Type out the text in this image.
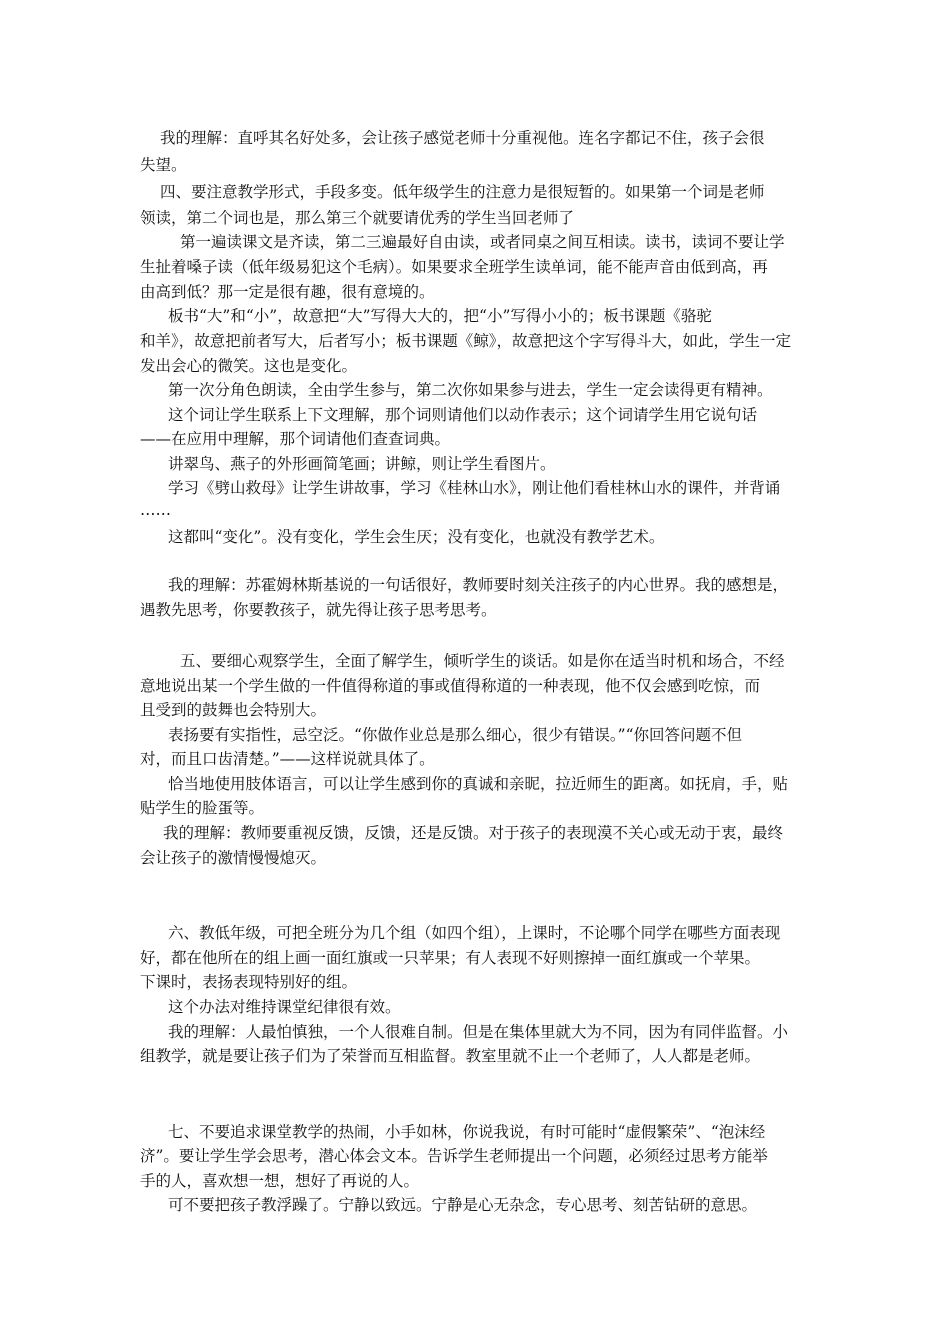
我的理解：直呼其名好处多，会让孩子感觉老师十分重视他。连名字都记不住，孩子会很
失望。
四、要注意教学形式，手段多变。低年级学生的注意力是很短暂的。如果第一个词是老师
领读，第二个词也是，那么第三个就要请优秀的学生当回老师了
第一遍读课文是齐读，第二三遍最好自由读，或者同桌之间互相读。读书，读词不要让学
生扯着嗓子读（低年级易犯这个毛病）。如果要求全班学生读单词，能不能声音由低到高，再
由高到低？那一定是很有趣，很有意境的。
板书“大”和“小”，故意把“大”写得大大的，把“小”写得小小的；板书课题《骆驼
和羊》，故意把前者写大，后者写小；板书课题《鲸》，故意把这个字写得斗大，如此，学生一定
发出会心的微笑。这也是变化。
第一次分角色朗读，全由学生参与，第二次你如果参与进去，学生一定会读得更有精神。
这个词让学生联系上下文理解，那个词则请他们以动作表示；这个词请学生用它说句话
——在应用中理解，那个词请他们查查词典。
讲翠鸟、燕子的外形画简笔画；讲鲸，则让学生看图片。
学习《劈山救母》让学生讲故事，学习《桂林山水》，刚让他们看桂林山水的课件，并背诵
……
这都叫“变化”。没有变化，学生会生厌；没有变化，也就没有教学艺术。
我的理解：苏霍姆林斯基说的一句话很好，教师要时刻关注孩子的内心世界。我的感想是，
遇教先思考，你要教孩子，就先得让孩子思考思考。
五、要细心观察学生，全面了解学生，倾听学生的谈话。如是你在适当时机和场合，不经
意地说出某一个学生做的一件值得称道的事或值得称道的一种表现，他不仅会感到吃惊，而
且受到的鼓舞也会特别大。
表扬要有实指性，忌空泛。“你做作业总是那么细心，很少有错误。”“你回答问题不但
对，而且口齿清楚。”——这样说就具体了。
恰当地使用肢体语言，可以让学生感到你的真诚和亲昵，拉近师生的距离。如抚肩，手，贴
贴学生的脸蛋等。
我的理解：教师要重视反馈，反馈，还是反馈。对于孩子的表现漠不关心或无动于衷，最终
会让孩子的激情慢慢熄灭。
六、教低年级，可把全班分为几个组（如四个组），上课时，不论哪个同学在哪些方面表现
好，都在他所在的组上画一面红旗或一只苹果；有人表现不好则擦掉一面红旗或一个苹果。
下课时，表扬表现特别好的组。
这个办法对维持课堂纪律很有效。
我的理解：人最怕慎独，一个人很难自制。但是在集体里就大为不同，因为有同伴监督。小
组教学，就是要让孩子们为了荣誉而互相监督。教室里就不止一个老师了，人人都是老师。
七、不要追求课堂教学的热闹，小手如林，你说我说，有时可能时“虚假繁荣”、“泡沫经
济”。要让学生学会思考，潜心体会文本。告诉学生老师提出一个问题，必须经过思考方能举
手的人，喜欢想一想，想好了再说的人。
可不要把孩子教浮躁了。宁静以致远。宁静是心无杂念，专心思考、刻苦钻研的意思。
